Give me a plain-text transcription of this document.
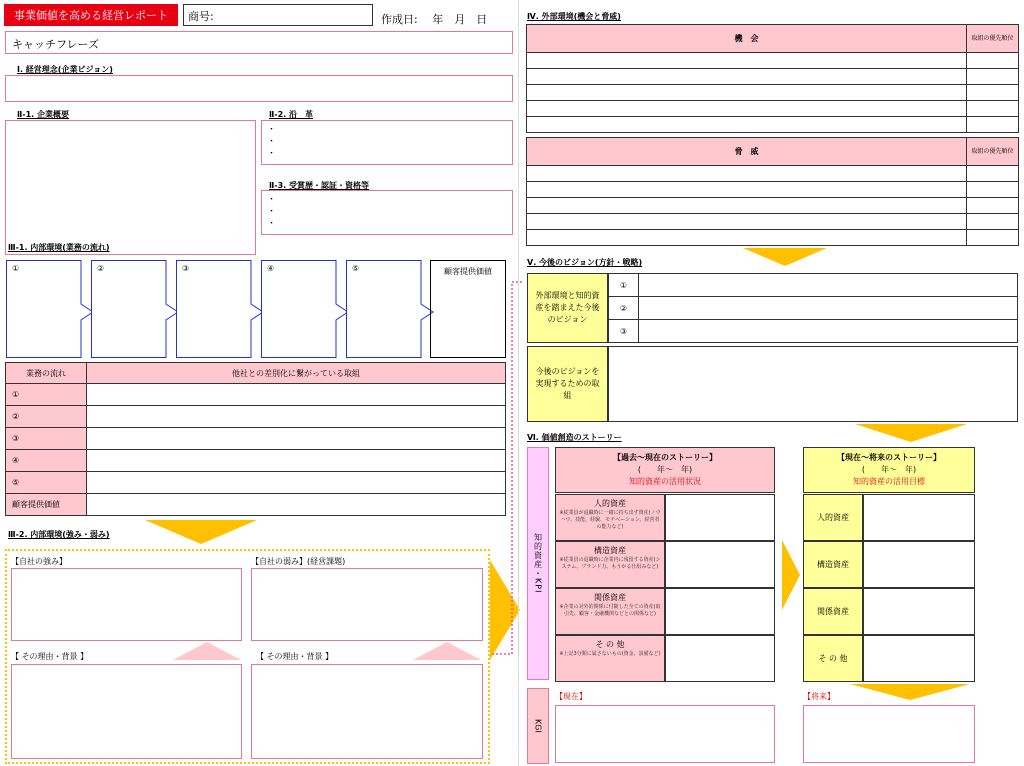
事業価値を高める経営レポート	商号:	作成日:　 年　月　日
キャッチフレーズ
Ⅰ. 経営理念(企業ビジョン)
Ⅱ-1. 企業概要	Ⅱ-2. 沿　革
・
・
・
Ⅱ-3. 受賞歴・認証・資格等
・
・
・
Ⅲ-1. 内部環境(業務の流れ)
①	②	③	④	⑤	顧客提供価値
業務の流れ	他社との差別化に繋がっている取組
①	
②	
③	
④	
⑤	
顧客提供価値	
Ⅲ-2. 内部環境(強み・弱み)
【自社の強み】	【自社の弱み】(経営課題)
【 その理由・背景 】	【 その理由・背景 】
Ⅳ. 外部環境(機会と脅威)
機　会	取組の優先順位

脅　威	取組の優先順位

Ⅴ. 今後のビジョン(方針・戦略)
外部環境と知的資産を踏まえた今後のビジョン
①	
②	
③	
今後のビジョンを実現するための取組
Ⅵ. 価値創造のストーリー
知的資産・KPI
【過去～現在のストーリー】
(　　年～　年)
知的資産の活用状況
人的資産
※従業員が退職時に一緒に持ち出す資産(ノウハウ、技能、経験、モチベーション、経営者の能力など)
構造資産
※従業員の退職時に企業内に残留する資産(システム、ブランド力、もうかる仕組みなど)
関係資産
※企業の対外的関係に付随した全ての資産(取引先、顧客・金融機関などとの関係など)
そ の 他
※上記3分類に属さないもの(資金、設備など)
【現在～将来のストーリー】
(　　年～　年)
知的資産の活用目標
人的資産
構造資産
関係資産
そ の 他
KGI
【現在】	【将来】
